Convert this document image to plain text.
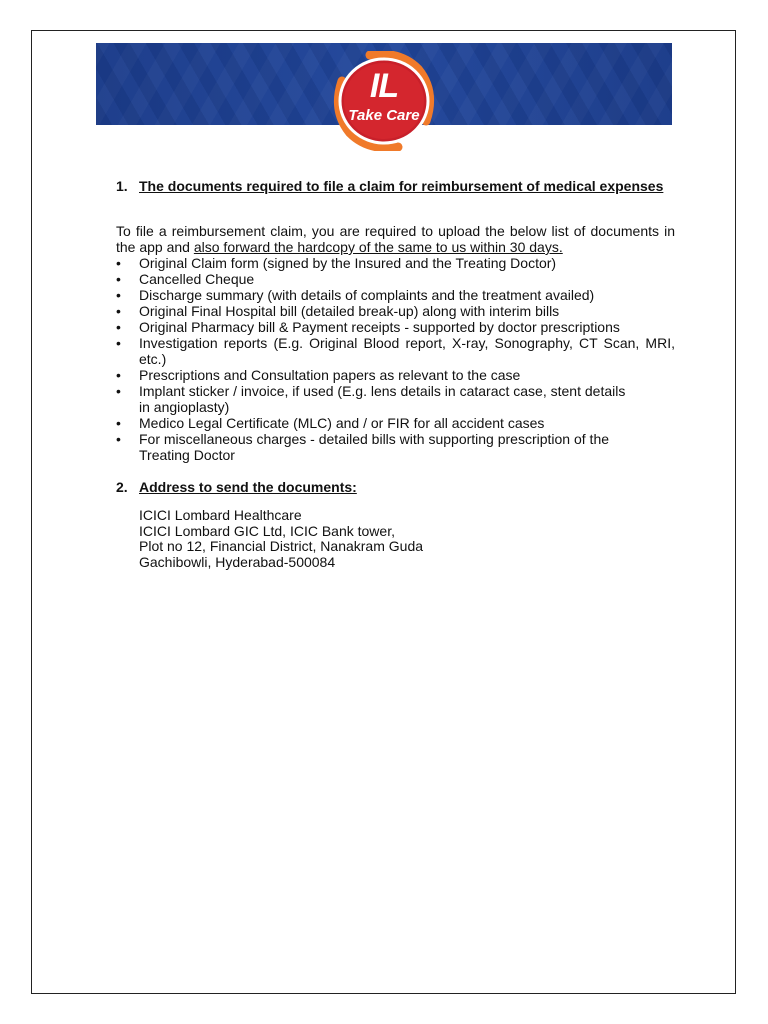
IL
Take Care
1. The documents required to file a claim for reimbursement of medical expenses
To file a reimbursement claim, you are required to upload the below list of documents in the app and also forward the hardcopy of the same to us within 30 days.
• Original Claim form (signed by the Insured and the Treating Doctor)
• Cancelled Cheque
• Discharge summary (with details of complaints and the treatment availed)
• Original Final Hospital bill (detailed break-up) along with interim bills
• Original Pharmacy bill & Payment receipts - supported by doctor prescriptions
• Investigation reports (E.g. Original Blood report, X-ray, Sonography, CT Scan, MRI, etc.)
• Prescriptions and Consultation papers as relevant to the case
• Implant sticker / invoice, if used (E.g. lens details in cataract case, stent details in angioplasty)
• Medico Legal Certificate (MLC) and / or FIR for all accident cases
• For miscellaneous charges - detailed bills with supporting prescription of the Treating Doctor
2. Address to send the documents:
ICICI Lombard Healthcare
ICICI Lombard GIC Ltd, ICIC Bank tower,
Plot no 12, Financial District, Nanakram Guda
Gachibowli, Hyderabad-500084
